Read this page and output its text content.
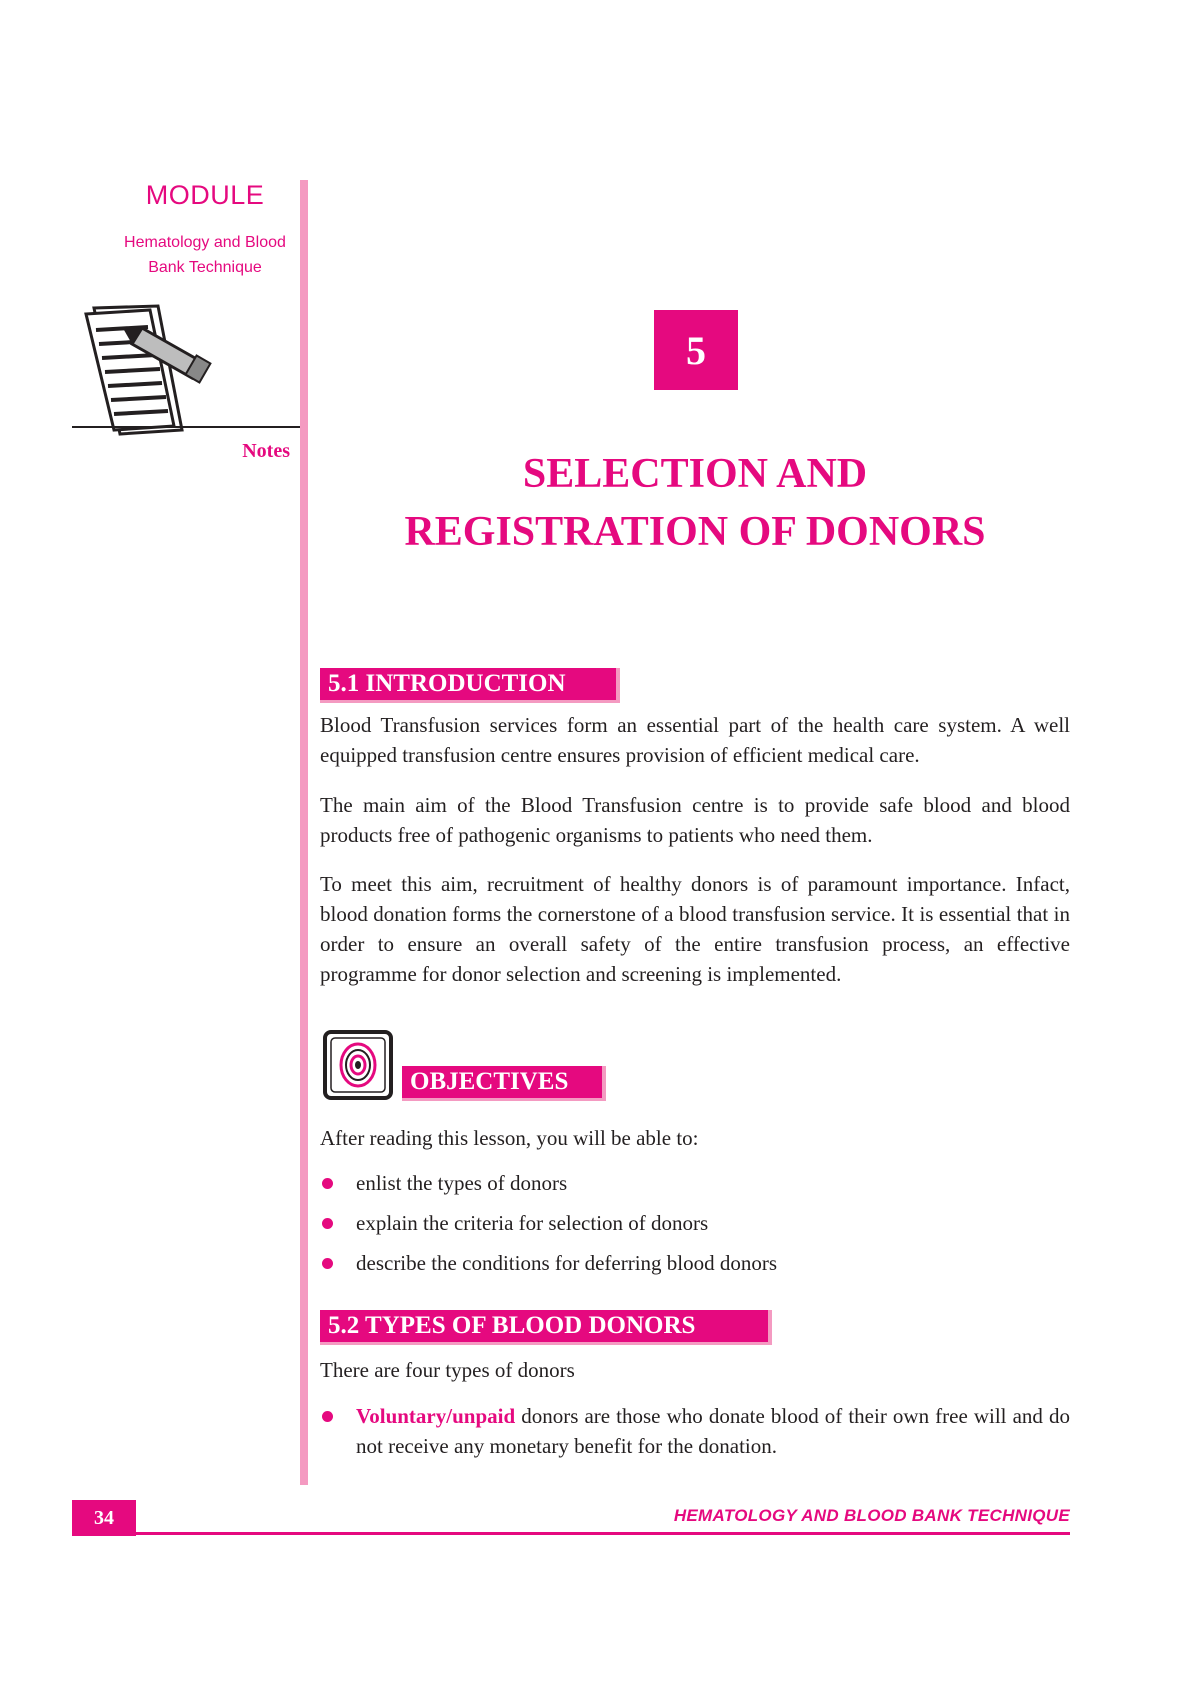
MODULE
Hematology and Blood
Bank Technique
Notes
5
SELECTION AND
REGISTRATION OF DONORS
5.1 INTRODUCTION

Blood Transfusion services form an essential part of the health care system. A well equipped transfusion centre ensures provision of efficient medical care.

The main aim of the Blood Transfusion centre is to provide safe blood and blood products free of pathogenic organisms to patients who need them.

To meet this aim, recruitment of healthy donors is of paramount importance. Infact, blood donation forms the cornerstone of a blood transfusion service. It is essential that in order to ensure an overall safety of the entire transfusion process, an effective programme for donor selection and screening is implemented.

OBJECTIVES

After reading this lesson, you will be able to:

enlist the types of donors
explain the criteria for selection of donors
describe the conditions for deferring blood donors
5.2 TYPES OF BLOOD DONORS

There are four types of donors

Voluntary/unpaid donors are those who donate blood of their own free will and do not receive any monetary benefit for the donation.
34	HEMATOLOGY AND BLOOD BANK TECHNIQUE
